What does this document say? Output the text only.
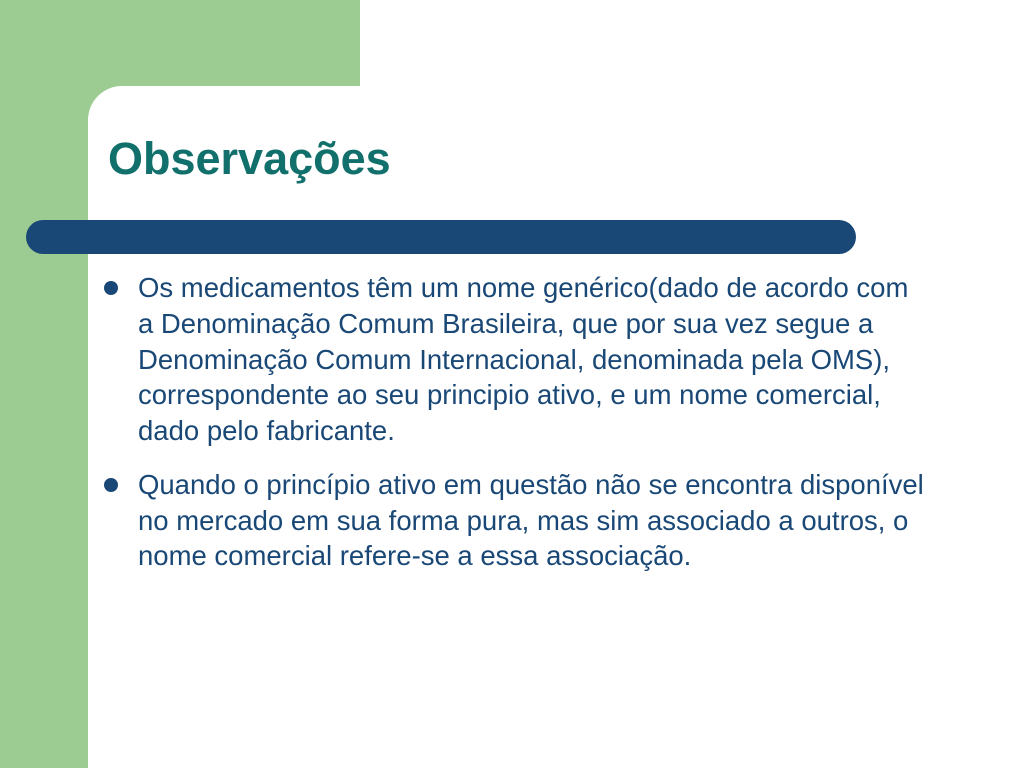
Observações
Os medicamentos têm um nome genérico(dado de acordo com a Denominação Comum Brasileira, que por sua vez segue a Denominação Comum Internacional, denominada pela OMS), correspondente ao seu principio ativo, e um nome comercial, dado pelo fabricante.
Quando o princípio ativo em questão não se encontra disponível no mercado em sua forma pura, mas sim associado a outros, o nome comercial refere-se a essa associação.
